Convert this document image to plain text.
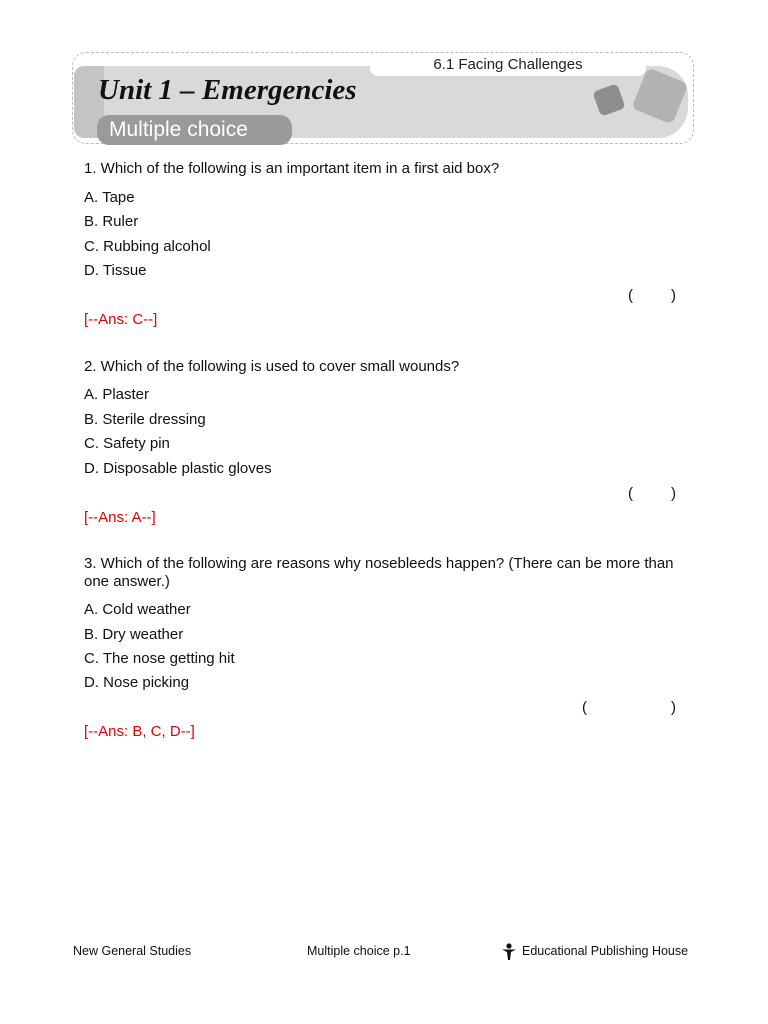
6.1 Facing Challenges
Unit 1 – Emergencies
Multiple choice
1. Which of the following is an important item in a first aid box?
A. Tape
B. Ruler
C. Rubbing alcohol
D. Tissue
(	)
[--Ans: C--]
2. Which of the following is used to cover small wounds?
A. Plaster
B. Sterile dressing
C. Safety pin
D. Disposable plastic gloves
(	)
[--Ans: A--]
3. Which of the following are reasons why nosebleeds happen? (There can be more than one answer.)
A. Cold weather
B. Dry weather
C. The nose getting hit
D. Nose picking
(	)
[--Ans: B, C, D--]
New General Studies	Multiple choice p.1	Educational Publishing House
